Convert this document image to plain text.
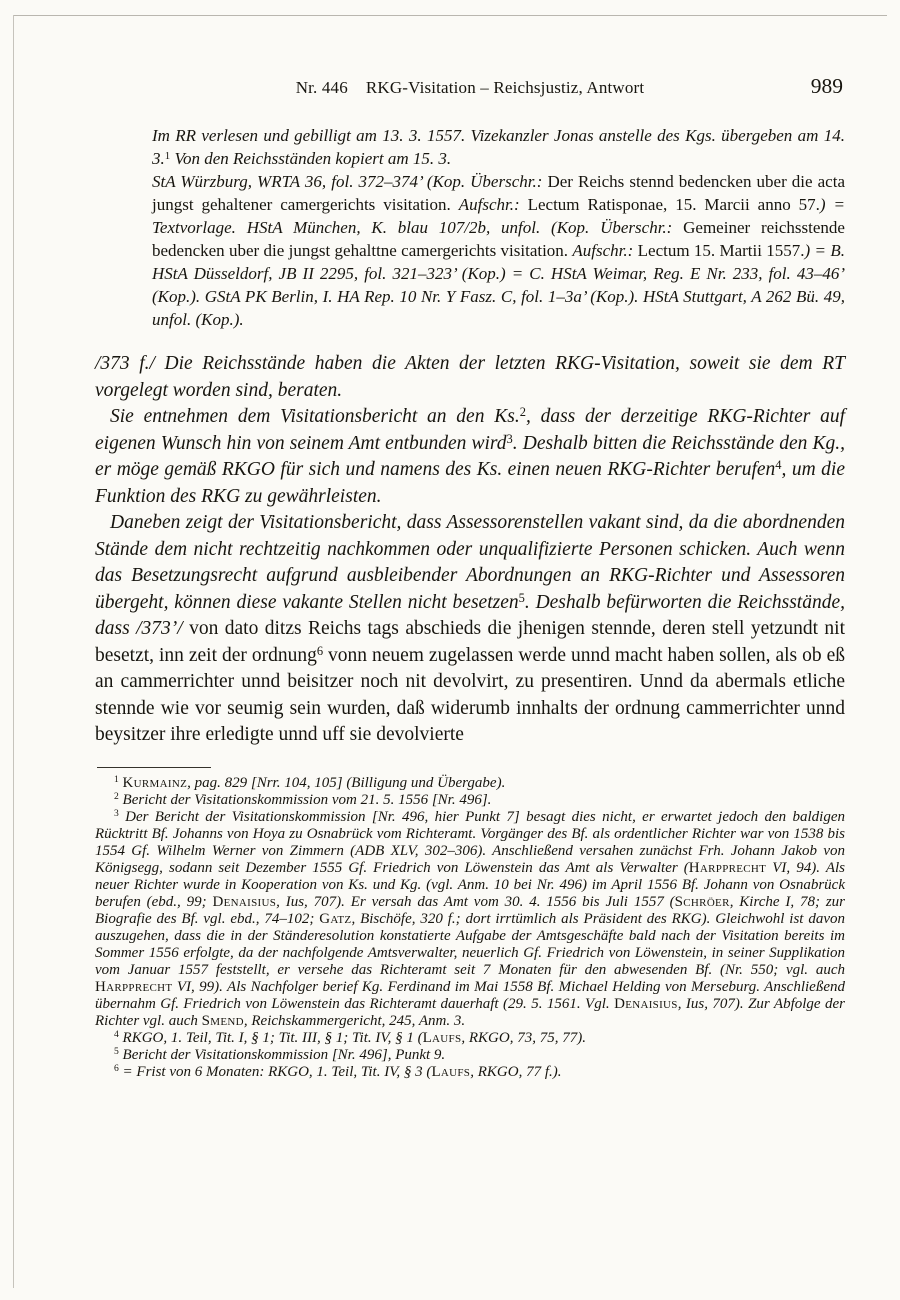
Nr. 446 RKG-Visitation – Reichsjustiz, Antwort	989

Im RR verlesen und gebilligt am 13. 3. 1557. Vizekanzler Jonas anstelle des Kgs. übergeben am 14. 3.$^1$ Von den Reichsständen kopiert am 15. 3.

StA Würzburg, WRTA 36, fol. 372–374’ (Kop. Überschr.: Der Reichs stennd bedencken uber die acta jungst gehaltener camergerichts visitation. Aufschr.: Lectum Ratisponae, 15. Marcii anno 57.) = Textvorlage. HStA München, K. blau 107/2b, unfol. (Kop. Überschr.: Gemeiner reichsstende bedencken uber die jungst gehalttne camergerichts visitation. Aufschr.: Lectum 15. Martii 1557.) = B. HStA Düsseldorf, JB II 2295, fol. 321–323’ (Kop.) = C. HStA Weimar, Reg. E Nr. 233, fol. 43–46’ (Kop.). GStA PK Berlin, I. HA Rep. 10 Nr. Y Fasz. C, fol. 1–3a’ (Kop.). HStA Stuttgart, A 262 Bü. 49, unfol. (Kop.).

/373 f./ Die Reichsstände haben die Akten der letzten RKG-Visitation, soweit sie dem RT vorgelegt worden sind, beraten.

Sie entnehmen dem Visitationsbericht an den Ks.$^2$, dass der derzeitige RKG-Richter auf eigenen Wunsch hin von seinem Amt entbunden wird$^3$. Deshalb bitten die Reichsstände den Kg., er möge gemäß RKGO für sich und namens des Ks. einen neuen RKG-Richter berufen$^4$, um die Funktion des RKG zu gewährleisten.

Daneben zeigt der Visitationsbericht, dass Assessorenstellen vakant sind, da die abordnenden Stände dem nicht rechtzeitig nachkommen oder unqualifizierte Personen schicken. Auch wenn das Besetzungsrecht aufgrund ausbleibender Abordnungen an RKG-Richter und Assessoren übergeht, können diese vakante Stellen nicht besetzen$^5$. Deshalb befürworten die Reichsstände, dass /373’/ von dato ditzs Reichs tags abschieds die jhenigen stennde, deren stell yetzundt nit besetzt, inn zeit der ordnung$^6$ vonn neuem zugelassen werde unnd macht haben sollen, als ob eß an cammerrichter unnd beisitzer noch nit devolvirt, zu presentiren. Unnd da abermals etliche stennde wie vor seumig sein wurden, daß widerumb innhalts der ordnung cammerrichter unnd beysitzer ihre erledigte unnd uff sie devolvierte

$^1$ Kurmainz, pag. 829 [Nrr. 104, 105] (Billigung und Übergabe).

$^2$ Bericht der Visitationskommission vom 21. 5. 1556 [Nr. 496].

$^3$ Der Bericht der Visitationskommission [Nr. 496, hier Punkt 7] besagt dies nicht, er erwartet jedoch den baldigen Rücktritt Bf. Johanns von Hoya zu Osnabrück vom Richteramt. Vorgänger des Bf. als ordentlicher Richter war von 1538 bis 1554 Gf. Wilhelm Werner von Zimmern (ADB XLV, 302–306). Anschließend versahen zunächst Frh. Johann Jakob von Königsegg, sodann seit Dezember 1555 Gf. Friedrich von Löwenstein das Amt als Verwalter (Harpprecht VI, 94). Als neuer Richter wurde in Kooperation von Ks. und Kg. (vgl. Anm. 10 bei Nr. 496) im April 1556 Bf. Johann von Osnabrück berufen (ebd., 99; Denaisius, Ius, 707). Er versah das Amt vom 30. 4. 1556 bis Juli 1557 (Schröer, Kirche I, 78; zur Biografie des Bf. vgl. ebd., 74–102; Gatz, Bischöfe, 320 f.; dort irrtümlich als Präsident des RKG). Gleichwohl ist davon auszugehen, dass die in der Ständeresolution konstatierte Aufgabe der Amtsgeschäfte bald nach der Visitation bereits im Sommer 1556 erfolgte, da der nachfolgende Amtsverwalter, neuerlich Gf. Friedrich von Löwenstein, in seiner Supplikation vom Januar 1557 feststellt, er versehe das Richteramt seit 7 Monaten für den abwesenden Bf. (Nr. 550; vgl. auch Harpprecht VI, 99). Als Nachfolger berief Kg. Ferdinand im Mai 1558 Bf. Michael Helding von Merseburg. Anschließend übernahm Gf. Friedrich von Löwenstein das Richteramt dauerhaft (29. 5. 1561. Vgl. Denaisius, Ius, 707). Zur Abfolge der Richter vgl. auch Smend, Reichskammergericht, 245, Anm. 3.

$^4$ RKGO, 1. Teil, Tit. I, § 1; Tit. III, § 1; Tit. IV, § 1 (Laufs, RKGO, 73, 75, 77).

$^5$ Bericht der Visitationskommission [Nr. 496], Punkt 9.

$^6$ = Frist von 6 Monaten: RKGO, 1. Teil, Tit. IV, § 3 (Laufs, RKGO, 77 f.).
